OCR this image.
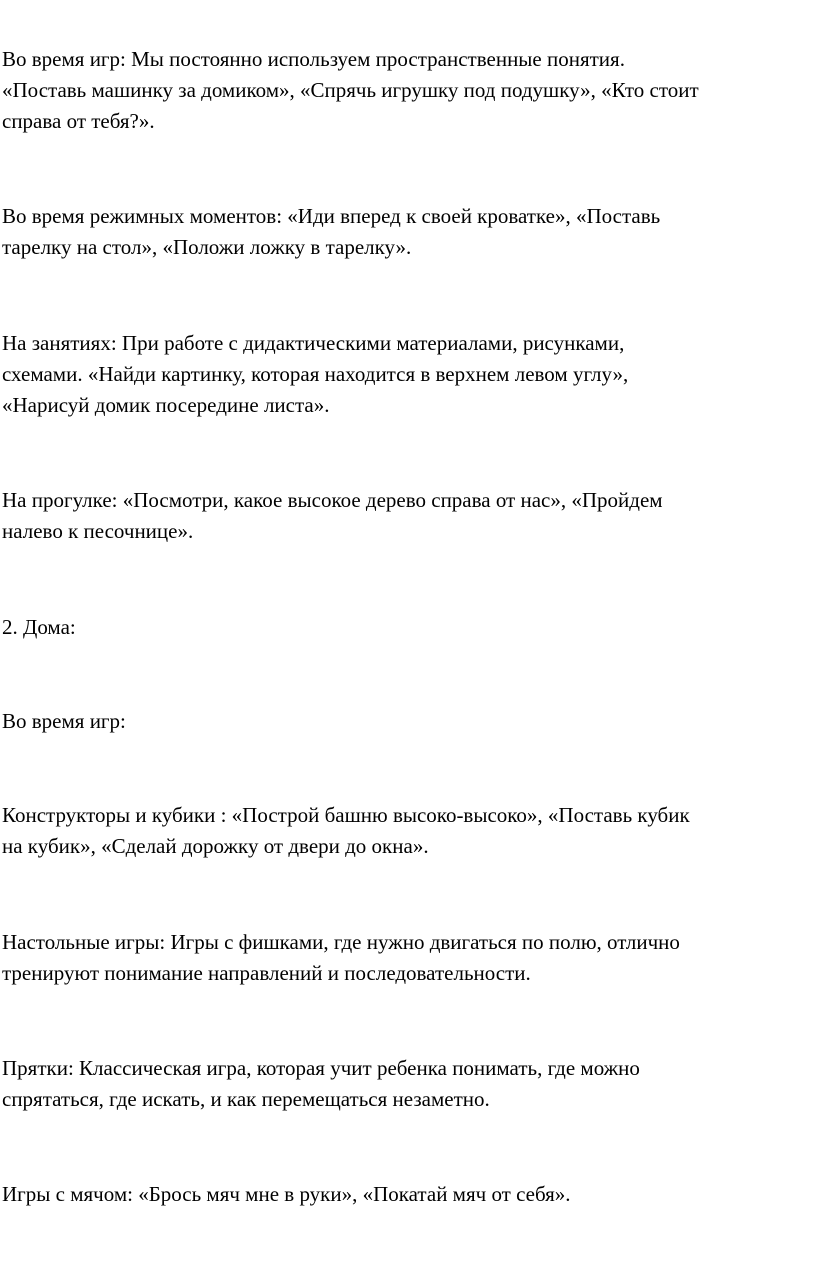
Во время игр: Мы постоянно используем пространственные понятия.
«Поставь машинку за домиком», «Спрячь игрушку под подушку», «Кто стоит
справа от тебя?».

Во время режимных моментов: «Иди вперед к своей кроватке», «Поставь
тарелку на стол», «Положи ложку в тарелку».

На занятиях: При работе с дидактическими материалами, рисунками,
схемами. «Найди картинку, которая находится в верхнем левом углу»,
«Нарисуй домик посередине листа».

На прогулке: «Посмотри, какое высокое дерево справа от нас», «Пройдем
налево к песочнице».

2. Дома:

Во время игр:

Конструкторы и кубики : «Построй башню высоко-высоко», «Поставь кубик
на кубик», «Сделай дорожку от двери до окна».

Настольные игры: Игры с фишками, где нужно двигаться по полю, отлично
тренируют понимание направлений и последовательности.

Прятки: Классическая игра, которая учит ребенка понимать, где можно
спрятаться, где искать, и как перемещаться незаметно.

Игры с мячом: «Брось мяч мне в руки», «Покатай мяч от себя».
